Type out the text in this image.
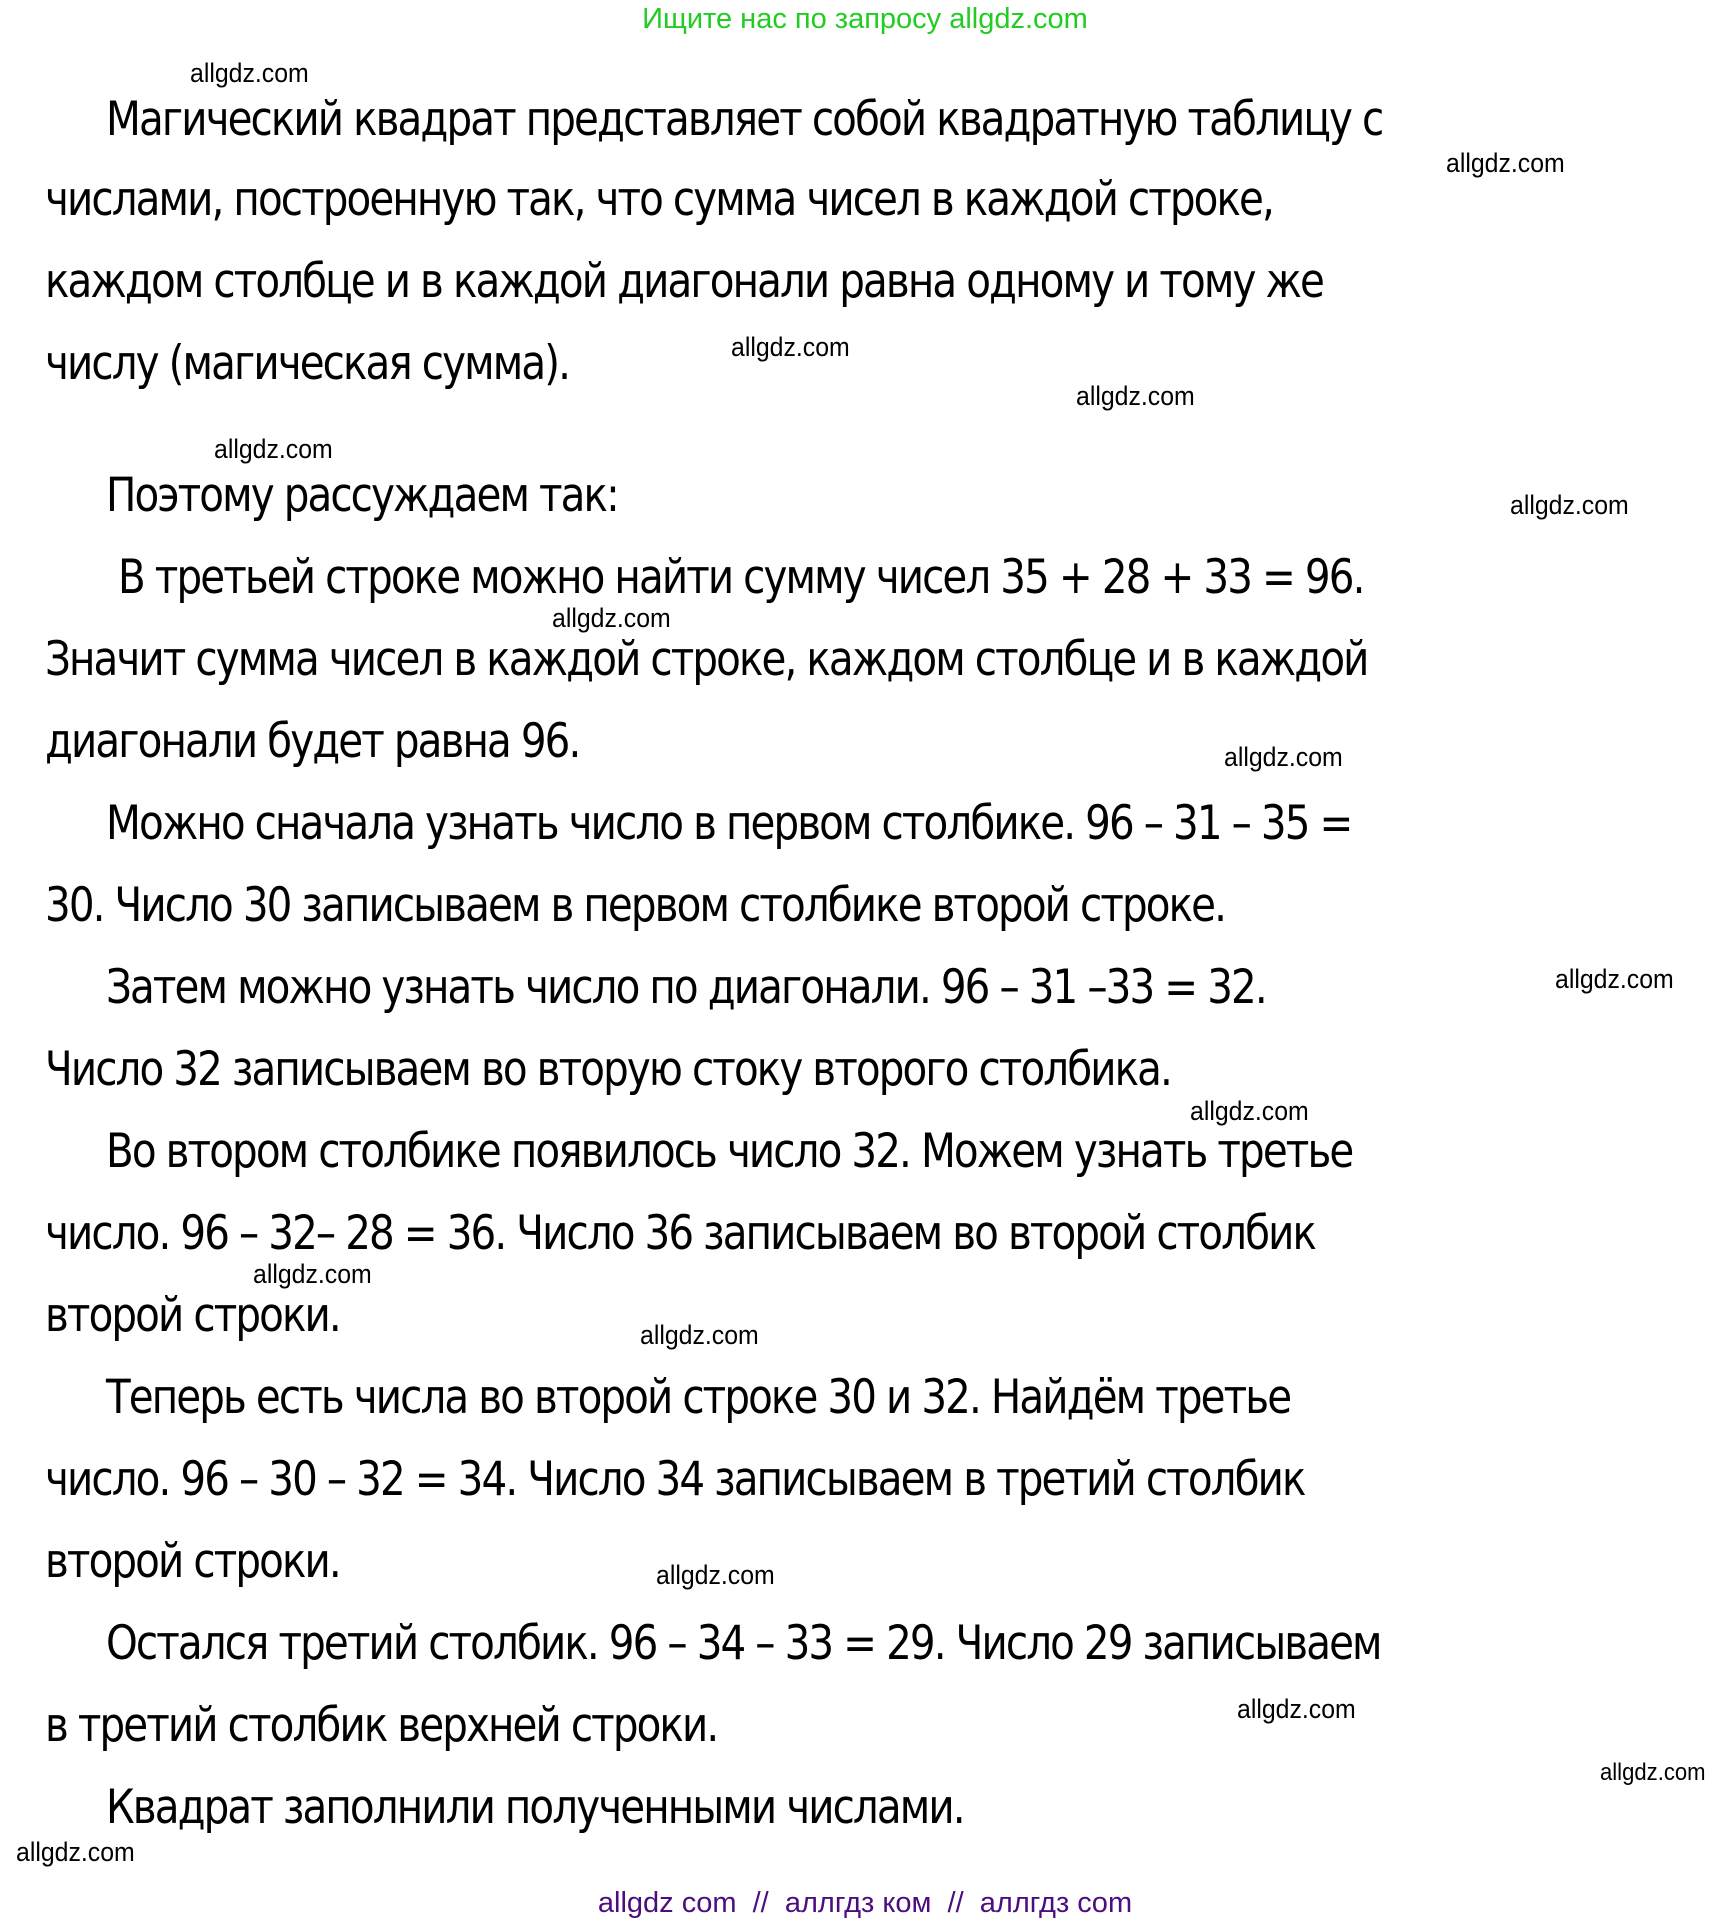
Ищите нас по запросу allgdz.com
Магический квадрат представляет собой квадратную таблицу с
числами, построенную так, что сумма чисел в каждой строке,
каждом столбце и в каждой диагонали равна одному и тому же
числу (магическая сумма).
Поэтому рассуждаем так:
В третьей строке можно найти сумму чисел 35 + 28 + 33 = 96.
Значит сумма чисел в каждой строке, каждом столбце и в каждой
диагонали будет равна 96.
Можно сначала узнать число в первом столбике. 96 – 31 – 35 =
30. Число 30 записываем в первом столбике второй строке.
Затем можно узнать число по диагонали. 96 – 31 –33 = 32.
Число 32 записываем во вторую стоку второго столбика.
Во втором столбике появилось число 32. Можем узнать третье
число. 96 – 32– 28 = 36. Число 36 записываем во второй столбик
второй строки.
Теперь есть числа во второй строке 30 и 32. Найдём третье
число. 96 – 30 – 32 = 34. Число 34 записываем в третий столбик
второй строки.
Остался третий столбик. 96 – 34 – 33 = 29. Число 29 записываем
в третий столбик верхней строки.
Квадрат заполнили полученными числами.
allgdz.com
allgdz.com
allgdz.com
allgdz.com
allgdz.com
allgdz.com
allgdz.com
allgdz.com
allgdz.com
allgdz.com
allgdz.com
allgdz.com
allgdz.com
allgdz.com
allgdz.com
allgdz.com
allgdz com  //  аллгдз ком  //  аллгдз com
